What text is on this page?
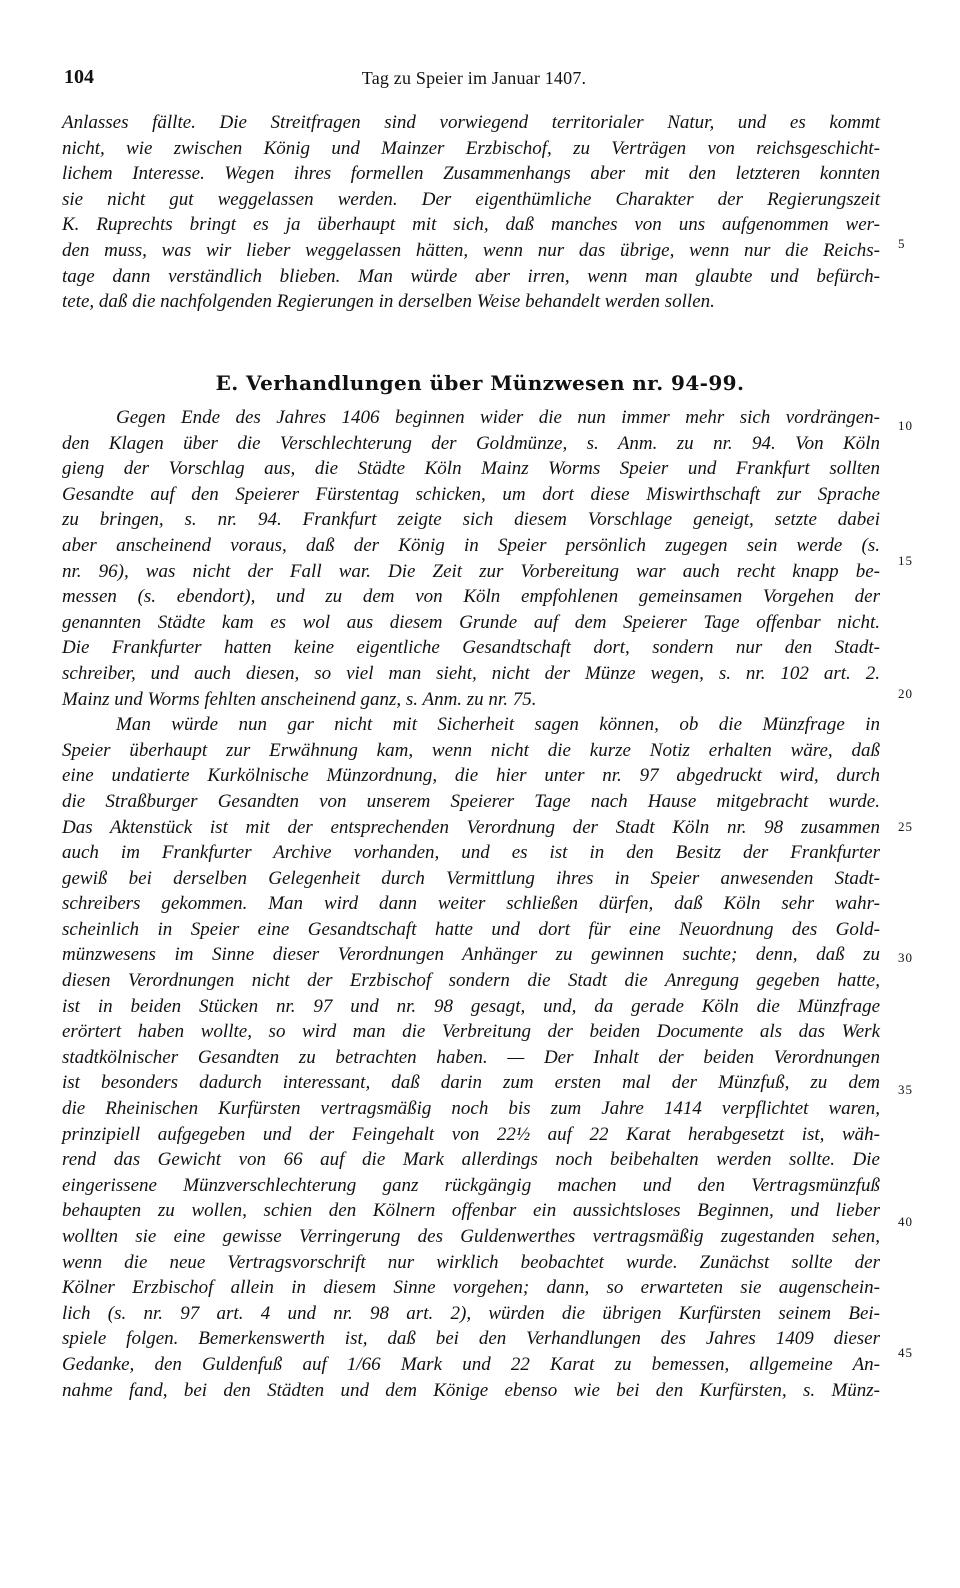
104	Tag zu Speier im Januar 1407.
Anlasses fällte. Die Streitfragen sind vorwiegend territorialer Natur, und es kommt
nicht, wie zwischen König und Mainzer Erzbischof, zu Verträgen von reichsgeschicht-
lichem Interesse. Wegen ihres formellen Zusammenhangs aber mit den letzteren konnten
sie nicht gut weggelassen werden. Der eigenthümliche Charakter der Regierungszeit
K. Ruprechts bringt es ja überhaupt mit sich, daß manches von uns aufgenommen wer-
den muss, was wir lieber weggelassen hätten, wenn nur das übrige, wenn nur die Reichs-
tage dann verständlich blieben. Man würde aber irren, wenn man glaubte und befürch-
tete, daß die nachfolgenden Regierungen in derselben Weise behandelt werden sollen.
E. Verhandlungen über Münzwesen nr. 94-99.
Gegen Ende des Jahres 1406 beginnen wider die nun immer mehr sich vordrängen-
den Klagen über die Verschlechterung der Goldmünze, s. Anm. zu nr. 94. Von Köln
gieng der Vorschlag aus, die Städte Köln Mainz Worms Speier und Frankfurt sollten
Gesandte auf den Speierer Fürstentag schicken, um dort diese Miswirthschaft zur Sprache
zu bringen, s. nr. 94. Frankfurt zeigte sich diesem Vorschlage geneigt, setzte dabei
aber anscheinend voraus, daß der König in Speier persönlich zugegen sein werde (s.
nr. 96), was nicht der Fall war. Die Zeit zur Vorbereitung war auch recht knapp be-
messen (s. ebendort), und zu dem von Köln empfohlenen gemeinsamen Vorgehen der
genannten Städte kam es wol aus diesem Grunde auf dem Speierer Tage offenbar nicht.
Die Frankfurter hatten keine eigentliche Gesandtschaft dort, sondern nur den Stadt-
schreiber, und auch diesen, so viel man sieht, nicht der Münze wegen, s. nr. 102 art. 2.
Mainz und Worms fehlten anscheinend ganz, s. Anm. zu nr. 75.
Man würde nun gar nicht mit Sicherheit sagen können, ob die Münzfrage in
Speier überhaupt zur Erwähnung kam, wenn nicht die kurze Notiz erhalten wäre, daß
eine undatierte Kurkölnische Münzordnung, die hier unter nr. 97 abgedruckt wird, durch
die Straßburger Gesandten von unserem Speierer Tage nach Hause mitgebracht wurde.
Das Aktenstück ist mit der entsprechenden Verordnung der Stadt Köln nr. 98 zusammen
auch im Frankfurter Archive vorhanden, und es ist in den Besitz der Frankfurter
gewiß bei derselben Gelegenheit durch Vermittlung ihres in Speier anwesenden Stadt-
schreibers gekommen. Man wird dann weiter schließen dürfen, daß Köln sehr wahr-
scheinlich in Speier eine Gesandtschaft hatte und dort für eine Neuordnung des Gold-
münzwesens im Sinne dieser Verordnungen Anhänger zu gewinnen suchte; denn, daß zu
diesen Verordnungen nicht der Erzbischof sondern die Stadt die Anregung gegeben hatte,
ist in beiden Stücken nr. 97 und nr. 98 gesagt, und, da gerade Köln die Münzfrage
erörtert haben wollte, so wird man die Verbreitung der beiden Documente als das Werk
stadtkölnischer Gesandten zu betrachten haben. — Der Inhalt der beiden Verordnungen
ist besonders dadurch interessant, daß darin zum ersten mal der Münzfuß, zu dem
die Rheinischen Kurfürsten vertragsmäßig noch bis zum Jahre 1414 verpflichtet waren,
prinzipiell aufgegeben und der Feingehalt von 22½ auf 22 Karat herabgesetzt ist, wäh-
rend das Gewicht von 66 auf die Mark allerdings noch beibehalten werden sollte. Die
eingerissene Münzverschlechterung ganz rückgängig machen und den Vertragsmünzfuß
behaupten zu wollen, schien den Kölnern offenbar ein aussichtsloses Beginnen, und lieber
wollten sie eine gewisse Verringerung des Guldenwerthes vertragsmäßig zugestanden sehen,
wenn die neue Vertragsvorschrift nur wirklich beobachtet wurde. Zunächst sollte der
Kölner Erzbischof allein in diesem Sinne vorgehen; dann, so erwarteten sie augenschein-
lich (s. nr. 97 art. 4 und nr. 98 art. 2), würden die übrigen Kurfürsten seinem Bei-
spiele folgen. Bemerkenswerth ist, daß bei den Verhandlungen des Jahres 1409 dieser
Gedanke, den Guldenfuß auf 1/66 Mark und 22 Karat zu bemessen, allgemeine An-
nahme fand, bei den Städten und dem Könige ebenso wie bei den Kurfürsten, s. Münz-
5
10
15
20
25
30
35
40
45
